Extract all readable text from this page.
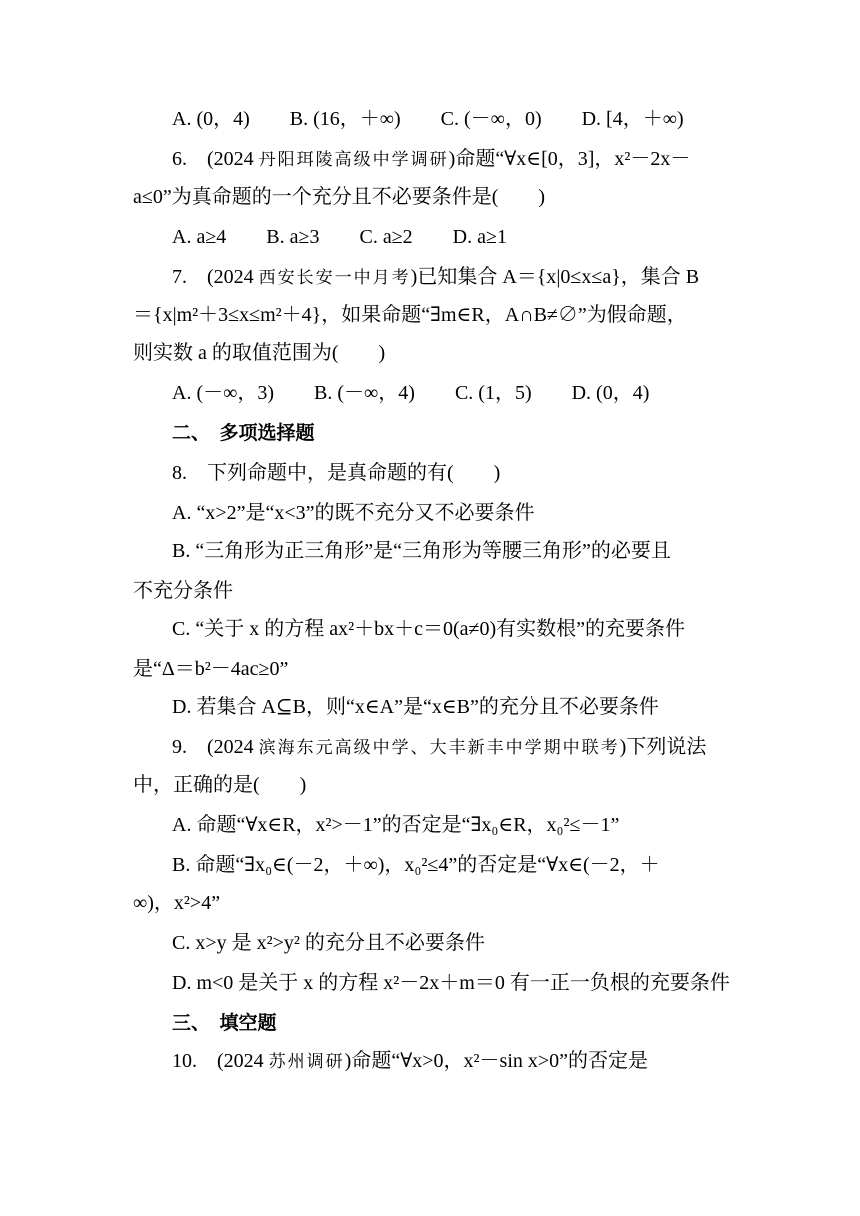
A. (0，4)　　B. (16，＋∞)　　C. (－∞，0)　　D. [4，＋∞)
6.　(2024 丹阳珥陵高级中学调研)命题“∀x∈[0，3]，x²－2x－
a≤0”为真命题的一个充分且不必要条件是(　　)
A. a≥4　　B. a≥3　　C. a≥2　　D. a≥1
7.　(2024 西安长安一中月考)已知集合 A＝{x|0≤x≤a}，集合 B
＝{x|m²＋3≤x≤m²＋4}，如果命题“∃m∈R，A∩B≠∅”为假命题，
则实数 a 的取值范围为(　　)
A. (－∞，3)　　B. (－∞，4)　　C. (1，5)　　D. (0，4)
二、　多项选择题
8.　下列命题中，是真命题的有(　　)
A. “x>2”是“x<3”的既不充分又不必要条件
B. “三角形为正三角形”是“三角形为等腰三角形”的必要且
不充分条件
C. “关于 x 的方程 ax²＋bx＋c＝0(a≠0)有实数根”的充要条件
是“Δ＝b²－4ac≥0”
D. 若集合 A⊆B，则“x∈A”是“x∈B”的充分且不必要条件
9.　(2024 滨海东元高级中学、大丰新丰中学期中联考)下列说法
中，正确的是(　　)
A. 命题“∀x∈R，x²>－1”的否定是“∃x₀∈R，x₀²≤－1”
B. 命题“∃x₀∈(－2，＋∞)，x₀²≤4”的否定是“∀x∈(－2，＋
∞)，x²>4”
C. x>y 是 x²>y² 的充分且不必要条件
D. m<0 是关于 x 的方程 x²－2x＋m＝0 有一正一负根的充要条件
三、　填空题
10.　(2024 苏州调研)命题“∀x>0，x²－sin x>0”的否定是
